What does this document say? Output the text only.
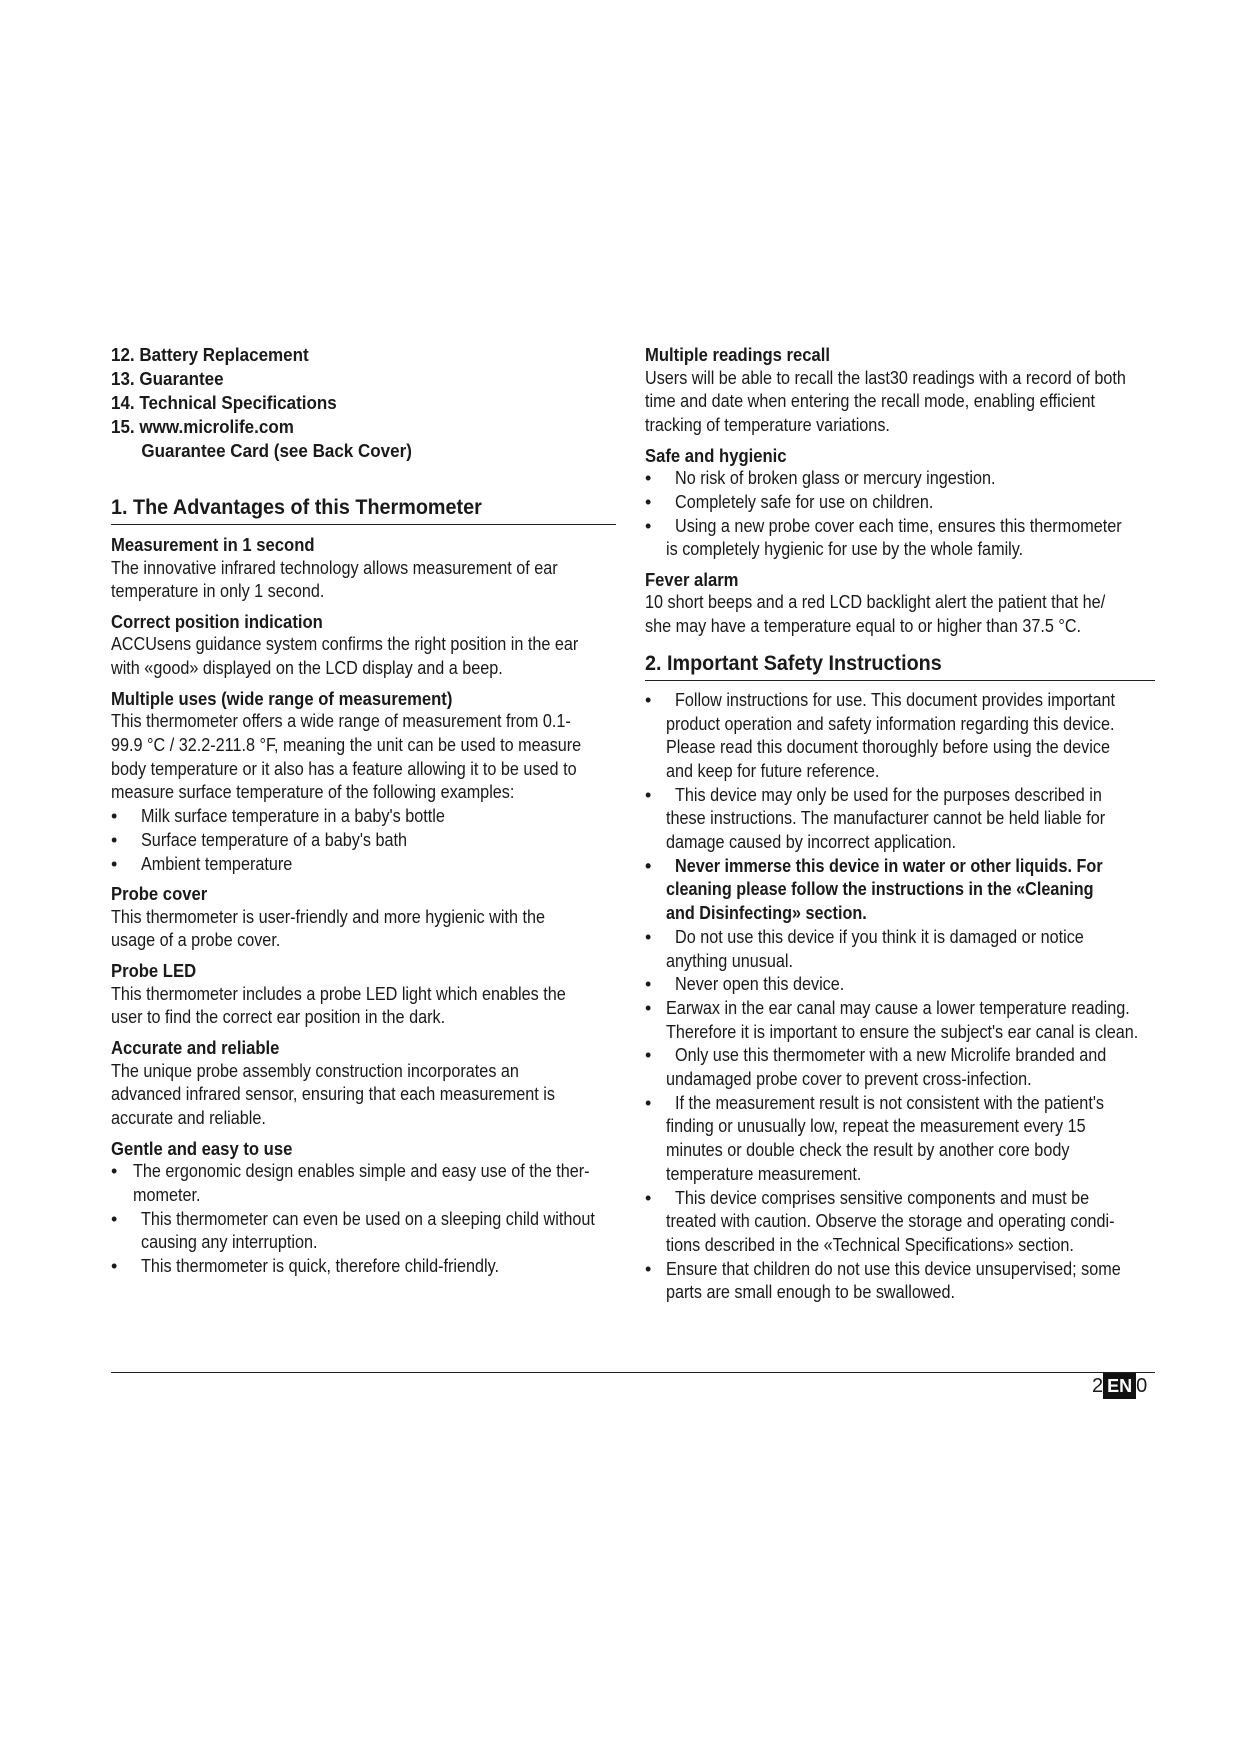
12. Battery Replacement

13. Guarantee

14. Technical Specifications

15. www.microlife.com

Guarantee Card (see Back Cover)

1. The Advantages of this Thermometer

Measurement in 1 second

The innovative infrared technology allows measurement of ear

temperature in only 1 second.

Correct position indication

ACCUsens guidance system confirms the right position in the ear

with «good» displayed on the LCD display and a beep.

Multiple uses (wide range of measurement)

This thermometer offers a wide range of measurement from 0.1-

99.9 °C / 32.2-211.8 °F, meaning the unit can be used to measure

body temperature or it also has a feature allowing it to be used to

measure surface temperature of the following examples:

• Milk surface temperature in a baby's bottle
• Surface temperature of a baby's bath
• Ambient temperature

Probe cover

This thermometer is user-friendly and more hygienic with the

usage of a probe cover.

Probe LED

This thermometer includes a probe LED light which enables the

user to find the correct ear position in the dark.

Accurate and reliable

The unique probe assembly construction incorporates an

advanced infrared sensor, ensuring that each measurement is

accurate and reliable.

Gentle and easy to use

• The ergonomic design enables simple and easy use of the ther-
mometer.
• This thermometer can even be used on a sleeping child without
causing any interruption.
• This thermometer is quick, therefore child-friendly.

Multiple readings recall

Users will be able to recall the last30 readings with a record of both

time and date when entering the recall mode, enabling efficient

tracking of temperature variations.

Safe and hygienic

• No risk of broken glass or mercury ingestion.
• Completely safe for use on children.
• Using a new probe cover each time, ensures this thermometer
is completely hygienic for use by the whole family.

Fever alarm

10 short beeps and a red LCD backlight alert the patient that he/

she may have a temperature equal to or higher than 37.5 °C.

2. Important Safety Instructions
• Follow instructions for use. This document provides important
product operation and safety information regarding this device.
Please read this document thoroughly before using the device
and keep for future reference.
• This device may only be used for the purposes described in
these instructions. The manufacturer cannot be held liable for
damage caused by incorrect application.
• Never immerse this device in water or other liquids. For
cleaning please follow the instructions in the «Cleaning
and Disinfecting» section.
• Do not use this device if you think it is damaged or notice
anything unusual.
• Never open this device.
• Earwax in the ear canal may cause a lower temperature reading.
Therefore it is important to ensure the subject's ear canal is clean.
• Only use this thermometer with a new Microlife branded and
undamaged probe cover to prevent cross-infection.
• If the measurement result is not consistent with the patient's
finding or unusually low, repeat the measurement every 15
minutes or double check the result by another core body
temperature measurement.
• This device comprises sensitive components and must be
treated with caution. Observe the storage and operating condi-
tions described in the «Technical Specifications» section.
• Ensure that children do not use this device unsupervised; some
parts are small enough to be swallowed.
2 EN 0
